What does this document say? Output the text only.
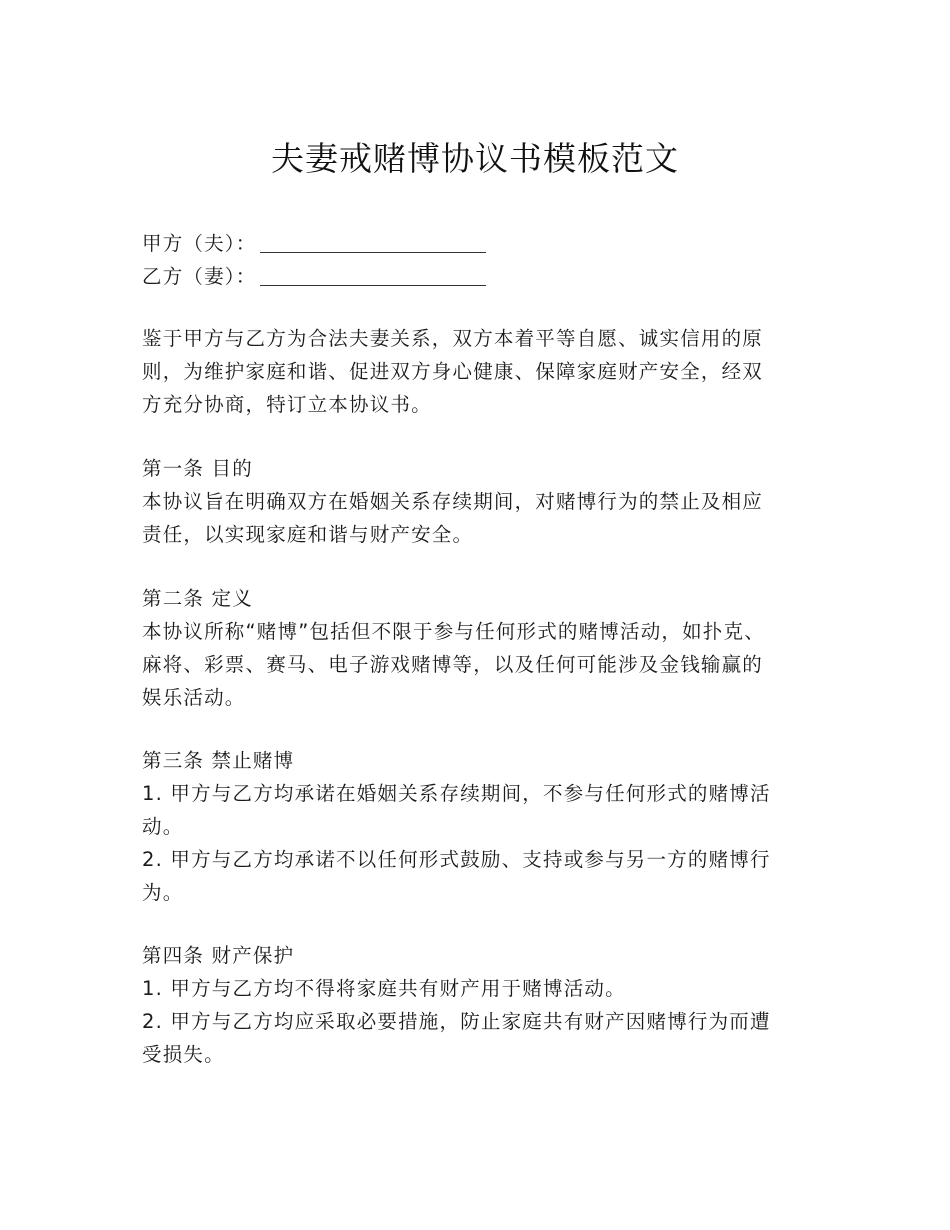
夫妻戒赌博协议书模板范文
甲方（夫）：
乙方（妻）：
鉴于甲方与乙方为合法夫妻关系，双方本着平等自愿、诚实信用的原
则，为维护家庭和谐、促进双方身心健康、保障家庭财产安全，经双
方充分协商，特订立本协议书。
第一条 目的
本协议旨在明确双方在婚姻关系存续期间，对赌博行为的禁止及相应
责任，以实现家庭和谐与财产安全。
第二条 定义
本协议所称“赌博”包括但不限于参与任何形式的赌博活动，如扑克、
麻将、彩票、赛马、电子游戏赌博等，以及任何可能涉及金钱输赢的
娱乐活动。
第三条 禁止赌博
1. 甲方与乙方均承诺在婚姻关系存续期间，不参与任何形式的赌博活
动。
2. 甲方与乙方均承诺不以任何形式鼓励、支持或参与另一方的赌博行
为。
第四条 财产保护
1. 甲方与乙方均不得将家庭共有财产用于赌博活动。
2. 甲方与乙方均应采取必要措施，防止家庭共有财产因赌博行为而遭
受损失。
